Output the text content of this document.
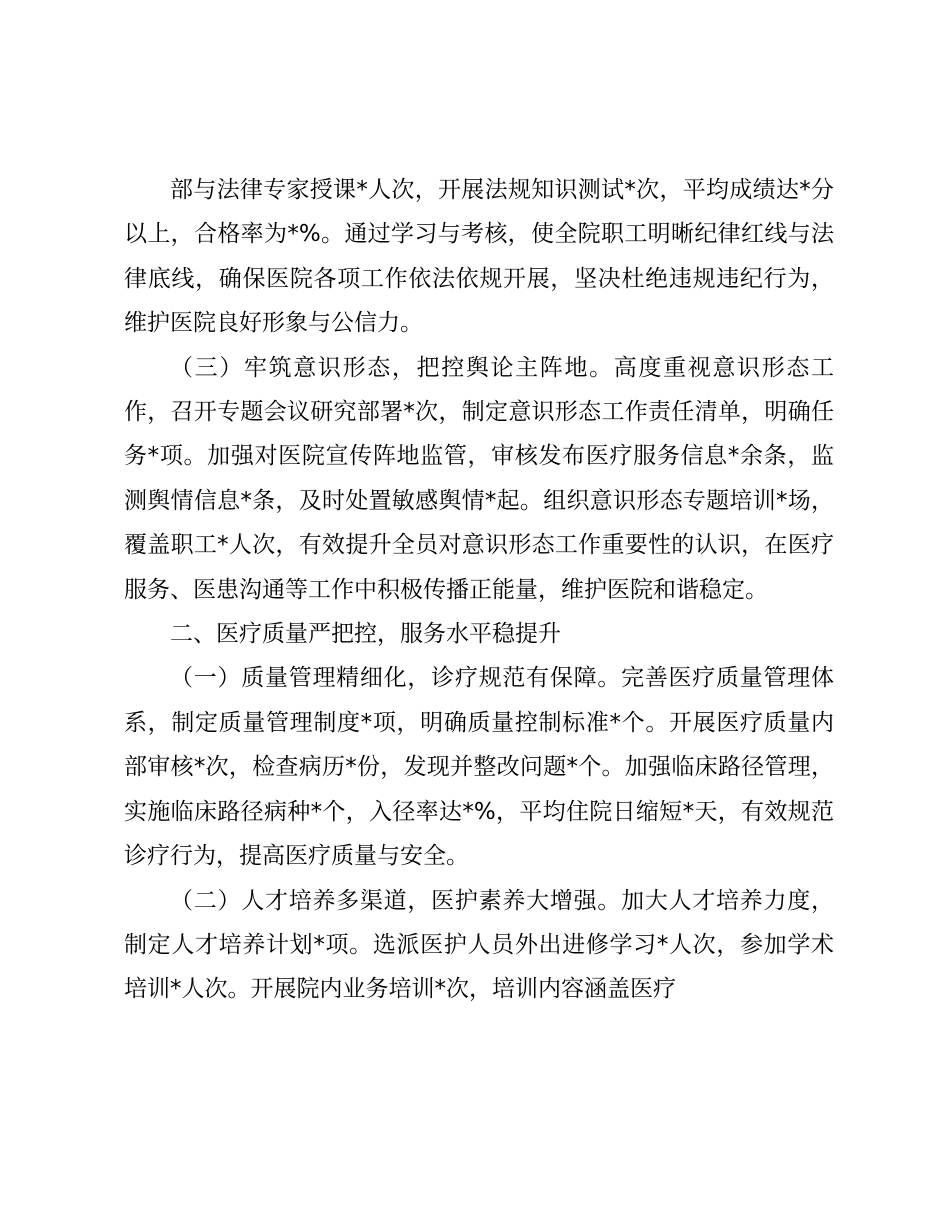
部与法律专家授课*人次，开展法规知识测试*次，平均成绩达*分以上，合格率为*%。通过学习与考核，使全院职工明晰纪律红线与法律底线，确保医院各项工作依法依规开展，坚决杜绝违规违纪行为，维护医院良好形象与公信力。

（三）牢筑意识形态，把控舆论主阵地。高度重视意识形态工作，召开专题会议研究部署*次，制定意识形态工作责任清单，明确任务*项。加强对医院宣传阵地监管，审核发布医疗服务信息*余条，监测舆情信息*条，及时处置敏感舆情*起。组织意识形态专题培训*场，覆盖职工*人次，有效提升全员对意识形态工作重要性的认识，在医疗服务、医患沟通等工作中积极传播正能量，维护医院和谐稳定。

二、医疗质量严把控，服务水平稳提升

（一）质量管理精细化，诊疗规范有保障。完善医疗质量管理体系，制定质量管理制度*项，明确质量控制标准*个。开展医疗质量内部审核*次，检查病历*份，发现并整改问题*个。加强临床路径管理，实施临床路径病种*个，入径率达*%，平均住院日缩短*天，有效规范诊疗行为，提高医疗质量与安全。

（二）人才培养多渠道，医护素养大增强。加大人才培养力度，制定人才培养计划*项。选派医护人员外出进修学习*人次，参加学术培训*人次。开展院内业务培训*次，培训内容涵盖医疗
